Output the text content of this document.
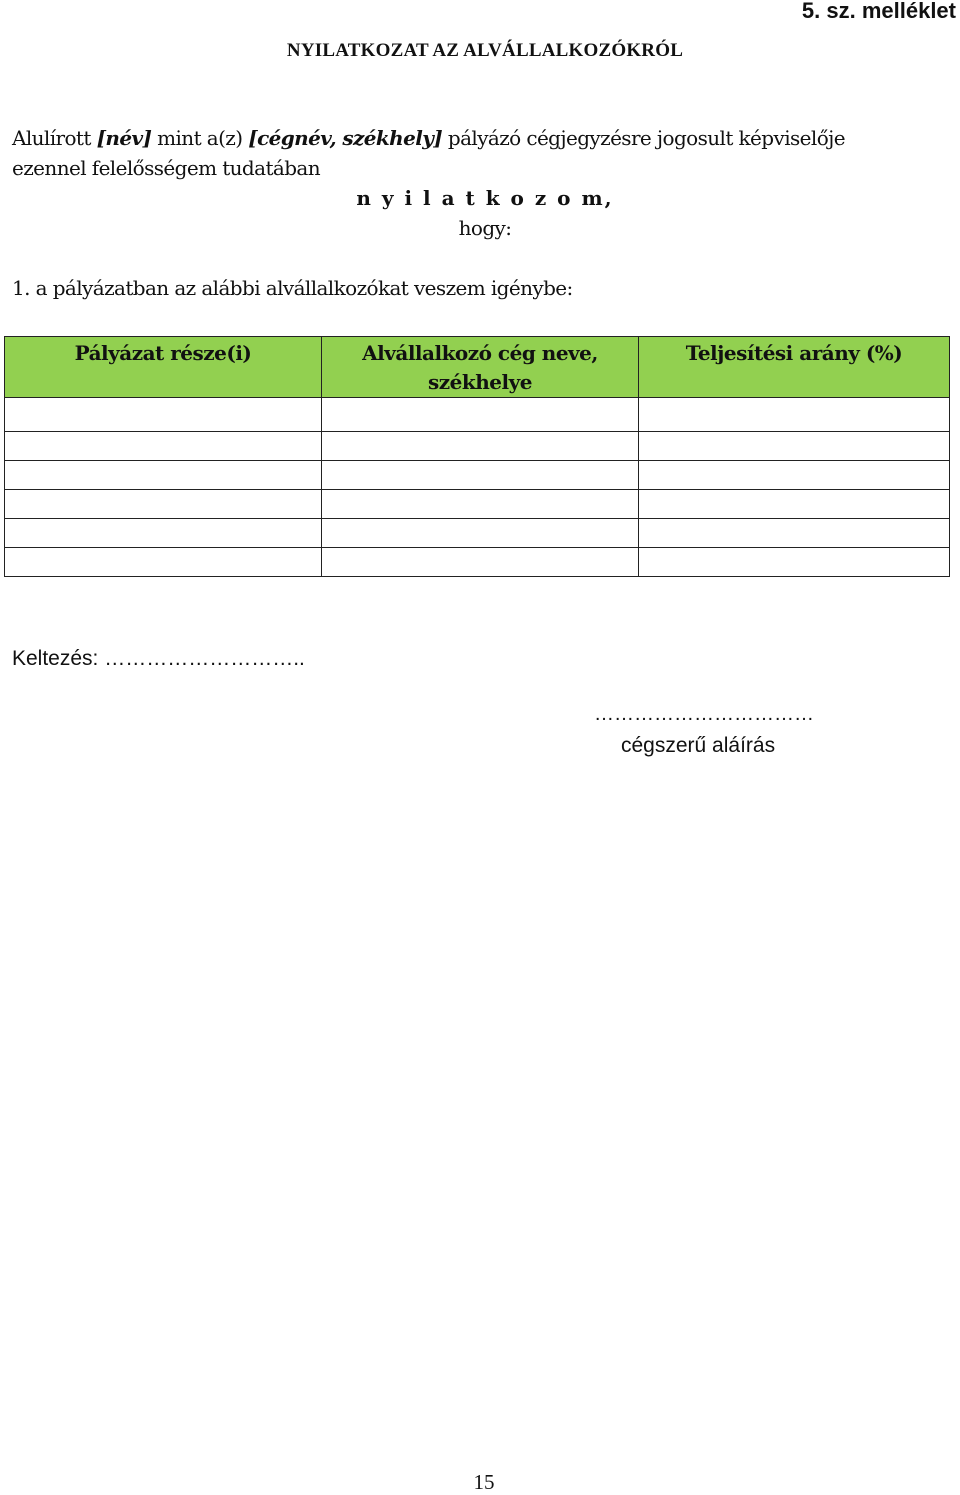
5. sz. melléklet
NYILATKOZAT AZ ALVÁLLALKOZÓKRÓL
Alulírott [név] mint a(z) [cégnév, székhely] pályázó cégjegyzésre jogosult képviselője
ezennel felelősségem tudatában
n y i l a t k o z o m,
hogy:
1. a pályázatban az alábbi alvállalkozókat veszem igénybe:
Pályázat része(i)	Alvállalkozó cég neve, székhelye	Teljesítési arány (%)

Keltezés: ………………………..
……………………………
cégszerű aláírás
15
